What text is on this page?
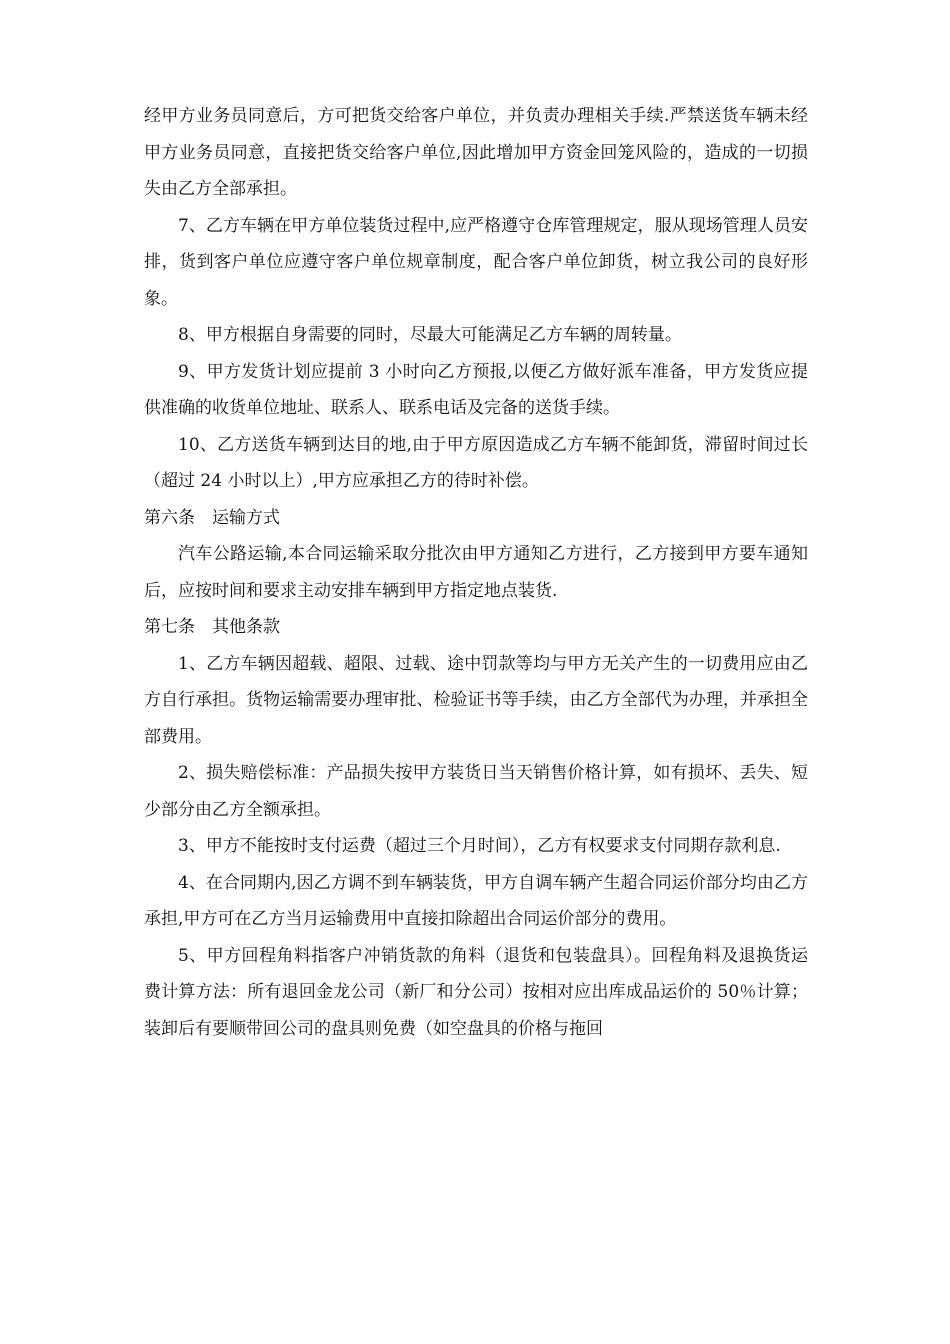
经甲方业务员同意后，方可把货交给客户单位，并负责办理相关手续.严禁送货车辆未经甲方业务员同意，直接把货交给客户单位,因此增加甲方资金回笼风险的，造成的一切损失由乙方全部承担。

7、乙方车辆在甲方单位装货过程中,应严格遵守仓库管理规定，服从现场管理人员安排，货到客户单位应遵守客户单位规章制度，配合客户单位卸货，树立我公司的良好形象。

8、甲方根据自身需要的同时，尽最大可能满足乙方车辆的周转量。

9、甲方发货计划应提前 3 小时向乙方预报,以便乙方做好派车准备，甲方发货应提供准确的收货单位地址、联系人、联系电话及完备的送货手续。

10、乙方送货车辆到达目的地,由于甲方原因造成乙方车辆不能卸货，滞留时间过长（超过 24 小时以上）,甲方应承担乙方的待时补偿。

第六条　运输方式

汽车公路运输,本合同运输采取分批次由甲方通知乙方进行，乙方接到甲方要车通知后，应按时间和要求主动安排车辆到甲方指定地点装货.

第七条　其他条款

1、乙方车辆因超载、超限、过载、途中罚款等均与甲方无关产生的一切费用应由乙方自行承担。货物运输需要办理审批、检验证书等手续，由乙方全部代为办理，并承担全部费用。

2、损失赔偿标准：产品损失按甲方装货日当天销售价格计算，如有损坏、丢失、短少部分由乙方全额承担。

3、甲方不能按时支付运费（超过三个月时间），乙方有权要求支付同期存款利息.

4、在合同期内,因乙方调不到车辆装货，甲方自调车辆产生超合同运价部分均由乙方承担,甲方可在乙方当月运输费用中直接扣除超出合同运价部分的费用。

5、甲方回程角料指客户冲销货款的角料（退货和包装盘具）。回程角料及退换货运费计算方法：所有退回金龙公司（新厂和分公司）按相对应出库成品运价的 50％计算；装卸后有要顺带回公司的盘具则免费（如空盘具的价格与拖回
